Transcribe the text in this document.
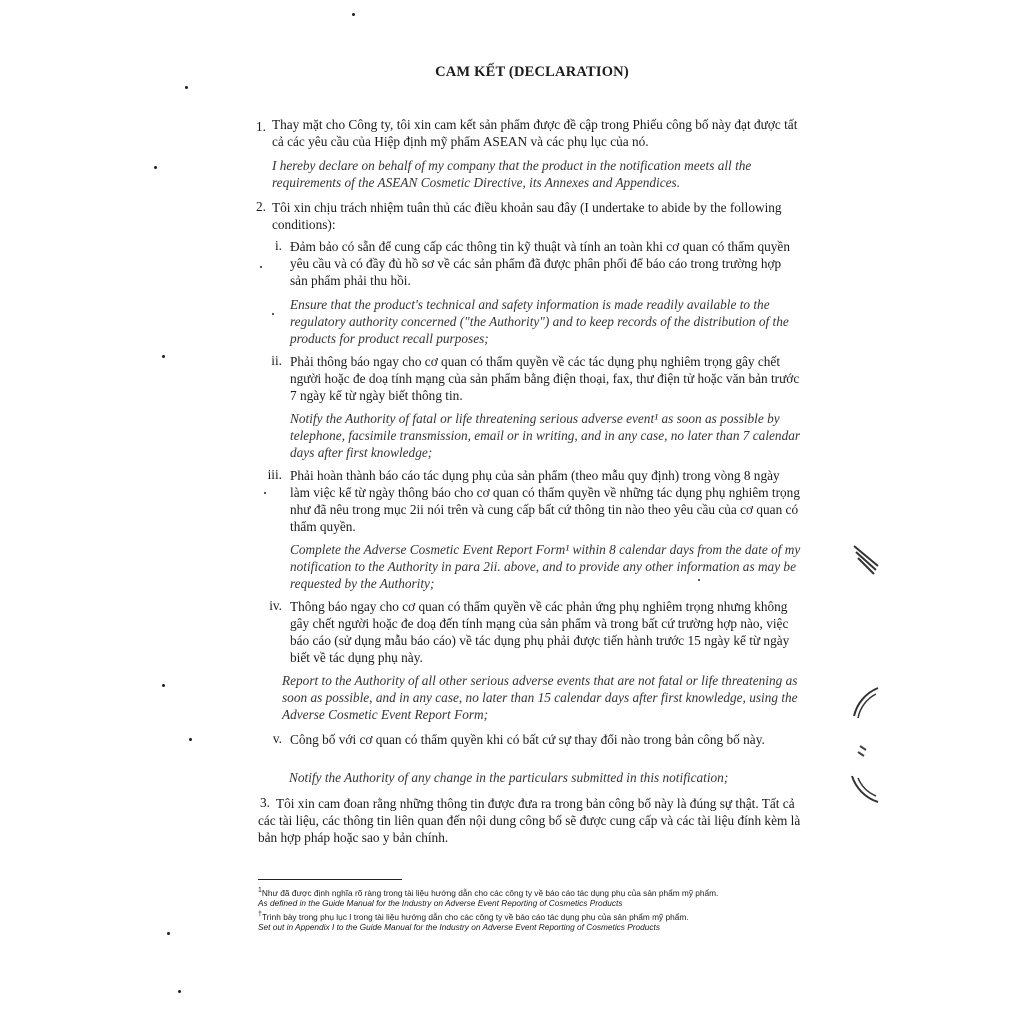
CAM KẾT (DECLARATION)
1. Thay mặt cho Công ty, tôi xin cam kết sản phẩm được đề cập trong Phiếu công bố này đạt được tất cả các yêu cầu của Hiệp định mỹ phẩm ASEAN và các phụ lục của nó.
I hereby declare on behalf of my company that the product in the notification meets all the requirements of the ASEAN Cosmetic Directive, its Annexes and Appendices.
2. Tôi xin chịu trách nhiệm tuân thủ các điều khoản sau đây (I undertake to abide by the following conditions):
i. Đảm bảo có sẵn để cung cấp các thông tin kỹ thuật và tính an toàn khi cơ quan có thẩm quyền yêu cầu và có đầy đủ hồ sơ về các sản phẩm đã được phân phối để báo cáo trong trường hợp sản phẩm phải thu hồi.
Ensure that the product's technical and safety information is made readily available to the regulatory authority concerned ("the Authority") and to keep records of the distribution of the products for product recall purposes;
ii. Phải thông báo ngay cho cơ quan có thẩm quyền về các tác dụng phụ nghiêm trọng gây chết người hoặc đe doạ tính mạng của sản phẩm bằng điện thoại, fax, thư điện tử hoặc văn bản trước 7 ngày kể từ ngày biết thông tin.
Notify the Authority of fatal or life threatening serious adverse event¹ as soon as possible by telephone, facsimile transmission, email or in writing, and in any case, no later than 7 calendar days after first knowledge;
iii. Phải hoàn thành báo cáo tác dụng phụ của sản phẩm (theo mẫu quy định) trong vòng 8 ngày làm việc kể từ ngày thông báo cho cơ quan có thẩm quyền về những tác dụng phụ nghiêm trọng như đã nêu trong mục 2ii nói trên và cung cấp bất cứ thông tin nào theo yêu cầu của cơ quan có thẩm quyền.
Complete the Adverse Cosmetic Event Report Form¹ within 8 calendar days from the date of my notification to the Authority in para 2ii. above, and to provide any other information as may be requested by the Authority;
iv. Thông báo ngay cho cơ quan có thẩm quyền về các phản ứng phụ nghiêm trọng nhưng không gây chết người hoặc đe doạ đến tính mạng của sản phẩm và trong bất cứ trường hợp nào, việc báo cáo (sử dụng mẫu báo cáo) về tác dụng phụ phải được tiến hành trước 15 ngày kể từ ngày biết về tác dụng phụ này.
Report to the Authority of all other serious adverse events that are not fatal or life threatening as soon as possible, and in any case, no later than 15 calendar days after first knowledge, using the Adverse Cosmetic Event Report Form;
v. Công bố với cơ quan có thẩm quyền khi có bất cứ sự thay đổi nào trong bản công bố này.
Notify the Authority of any change in the particulars submitted in this notification;
3. Tôi xin cam đoan rằng những thông tin được đưa ra trong bản công bố này là đúng sự thật. Tất cả các tài liệu, các thông tin liên quan đến nội dung công bố sẽ được cung cấp và các tài liệu đính kèm là bản hợp pháp hoặc sao y bản chính.
$^1$Như đã được định nghĩa rõ ràng trong tài liệu hướng dẫn cho các công ty về báo cáo tác dụng phụ của sản phẩm mỹ phẩm.
As defined in the Guide Manual for the Industry on Adverse Event Reporting of Cosmetics Products
†Trình bày trong phụ lục I trong tài liệu hướng dẫn cho các công ty về báo cáo tác dụng phụ của sản phẩm mỹ phẩm.
Set out in Appendix I to the Guide Manual for the Industry on Adverse Event Reporting of Cosmetics Products
